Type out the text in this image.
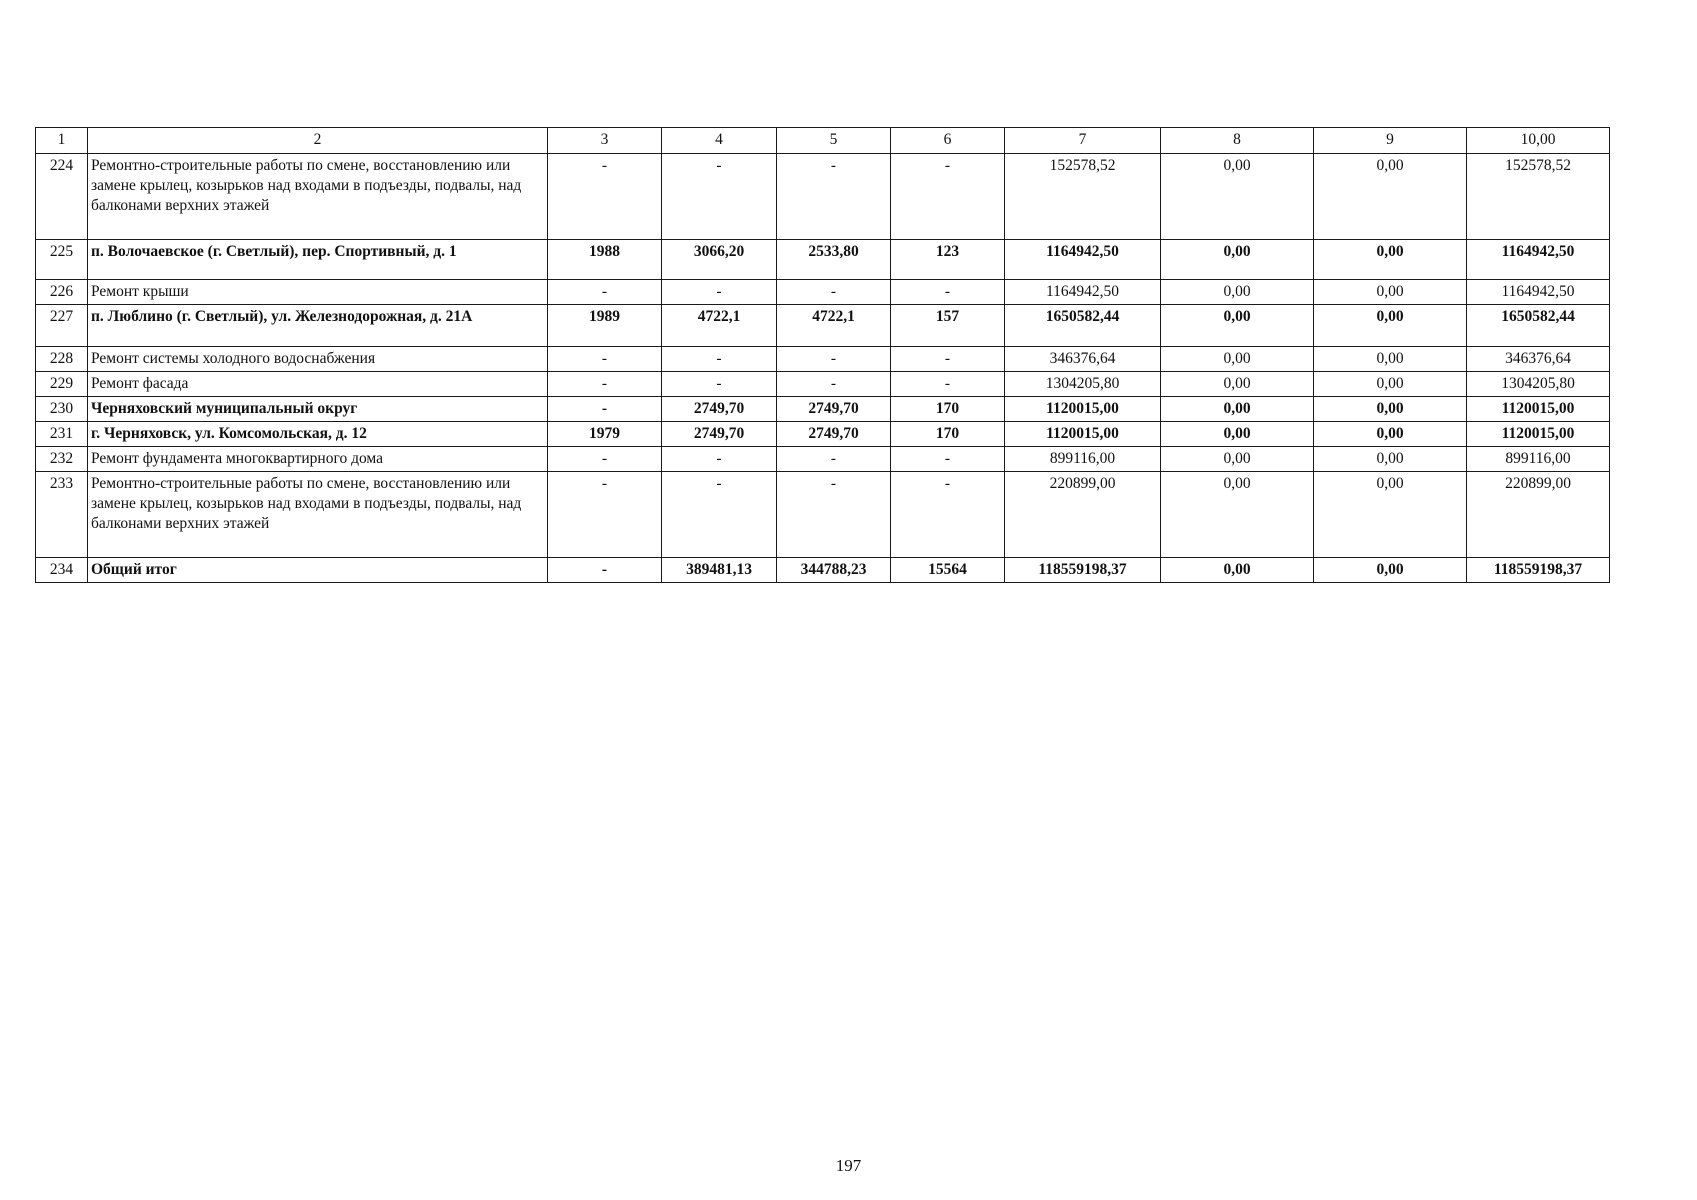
1	2	3	4	5	6	7	8	9	10,00
224	Ремонтно-строительные работы по смене, восстановлению или замене крылец, козырьков над входами в подъезды, подвалы, над балконами верхних этажей	-	-	-	-	152578,52	0,00	0,00	152578,52
225	п. Волочаевское (г. Светлый), пер. Спортивный, д. 1	1988	3066,20	2533,80	123	1164942,50	0,00	0,00	1164942,50
226	Ремонт крыши	-	-	-	-	1164942,50	0,00	0,00	1164942,50
227	п. Люблино (г. Светлый), ул. Железнодорожная, д. 21А	1989	4722,1	4722,1	157	1650582,44	0,00	0,00	1650582,44
228	Ремонт системы холодного водоснабжения	-	-	-	-	346376,64	0,00	0,00	346376,64
229	Ремонт фасада	-	-	-	-	1304205,80	0,00	0,00	1304205,80
230	Черняховский муниципальный округ	-	2749,70	2749,70	170	1120015,00	0,00	0,00	1120015,00
231	г. Черняховск, ул. Комсомольская, д. 12	1979	2749,70	2749,70	170	1120015,00	0,00	0,00	1120015,00
232	Ремонт фундамента многоквартирного дома	-	-	-	-	899116,00	0,00	0,00	899116,00
233	Ремонтно-строительные работы по смене, восстановлению или замене крылец, козырьков над входами в подъезды, подвалы, над балконами верхних этажей	-	-	-	-	220899,00	0,00	0,00	220899,00
234	Общий итог	-	389481,13	344788,23	15564	118559198,37	0,00	0,00	118559198,37
197
